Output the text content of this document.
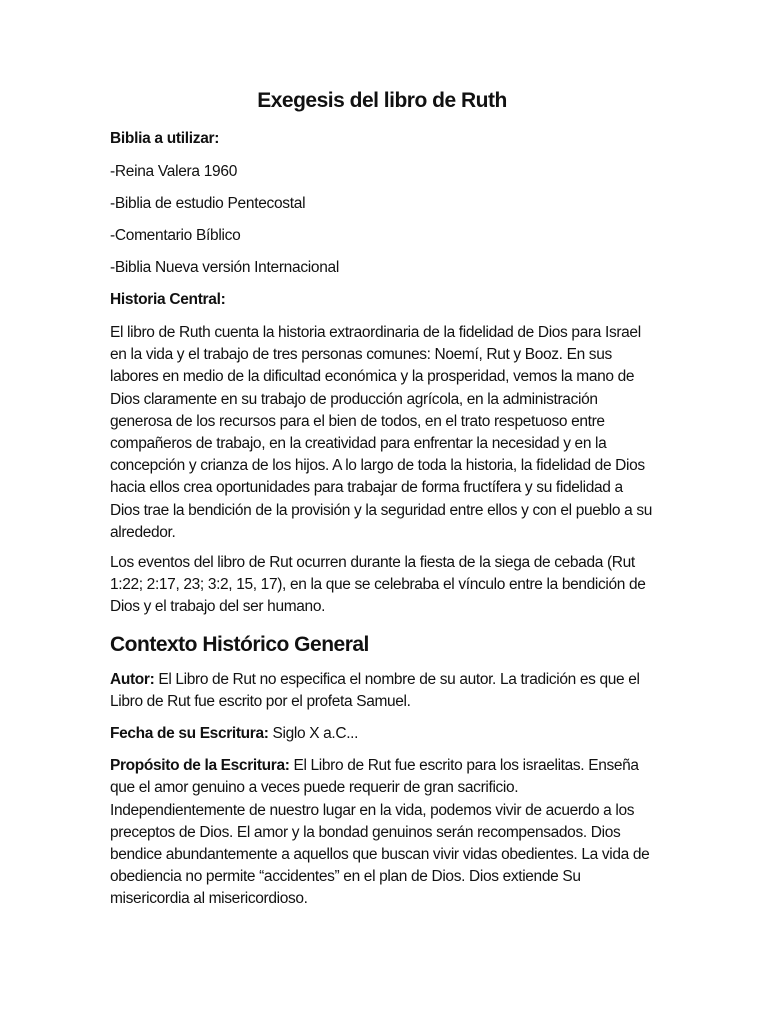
Exegesis del libro de Ruth
Biblia a utilizar:
-Reina Valera 1960
-Biblia de estudio Pentecostal
-Comentario Bíblico
-Biblia Nueva versión Internacional
Historia Central:

El libro de Ruth cuenta la historia extraordinaria de la fidelidad de Dios para Israel en la vida y el trabajo de tres personas comunes: Noemí, Rut y Booz. En sus labores en medio de la dificultad económica y la prosperidad, vemos la mano de Dios claramente en su trabajo de producción agrícola, en la administración generosa de los recursos para el bien de todos, en el trato respetuoso entre compañeros de trabajo, en la creatividad para enfrentar la necesidad y en la concepción y crianza de los hijos. A lo largo de toda la historia, la fidelidad de Dios hacia ellos crea oportunidades para trabajar de forma fructífera y su fidelidad a Dios trae la bendición de la provisión y la seguridad entre ellos y con el pueblo a su alrededor.

Los eventos del libro de Rut ocurren durante la fiesta de la siega de cebada (Rut 1:22; 2:17, 23; 3:2, 15, 17), en la que se celebraba el vínculo entre la bendición de Dios y el trabajo del ser humano.

Contexto Histórico General

Autor: El Libro de Rut no especifica el nombre de su autor. La tradición es que el Libro de Rut fue escrito por el profeta Samuel.

Fecha de su Escritura: Siglo X a.C...

Propósito de la Escritura: El Libro de Rut fue escrito para los israelitas. Enseña que el amor genuino a veces puede requerir de gran sacrificio. Independientemente de nuestro lugar en la vida, podemos vivir de acuerdo a los preceptos de Dios. El amor y la bondad genuinos serán recompensados. Dios bendice abundantemente a aquellos que buscan vivir vidas obedientes. La vida de obediencia no permite “accidentes” en el plan de Dios. Dios extiende Su misericordia al misericordioso.
